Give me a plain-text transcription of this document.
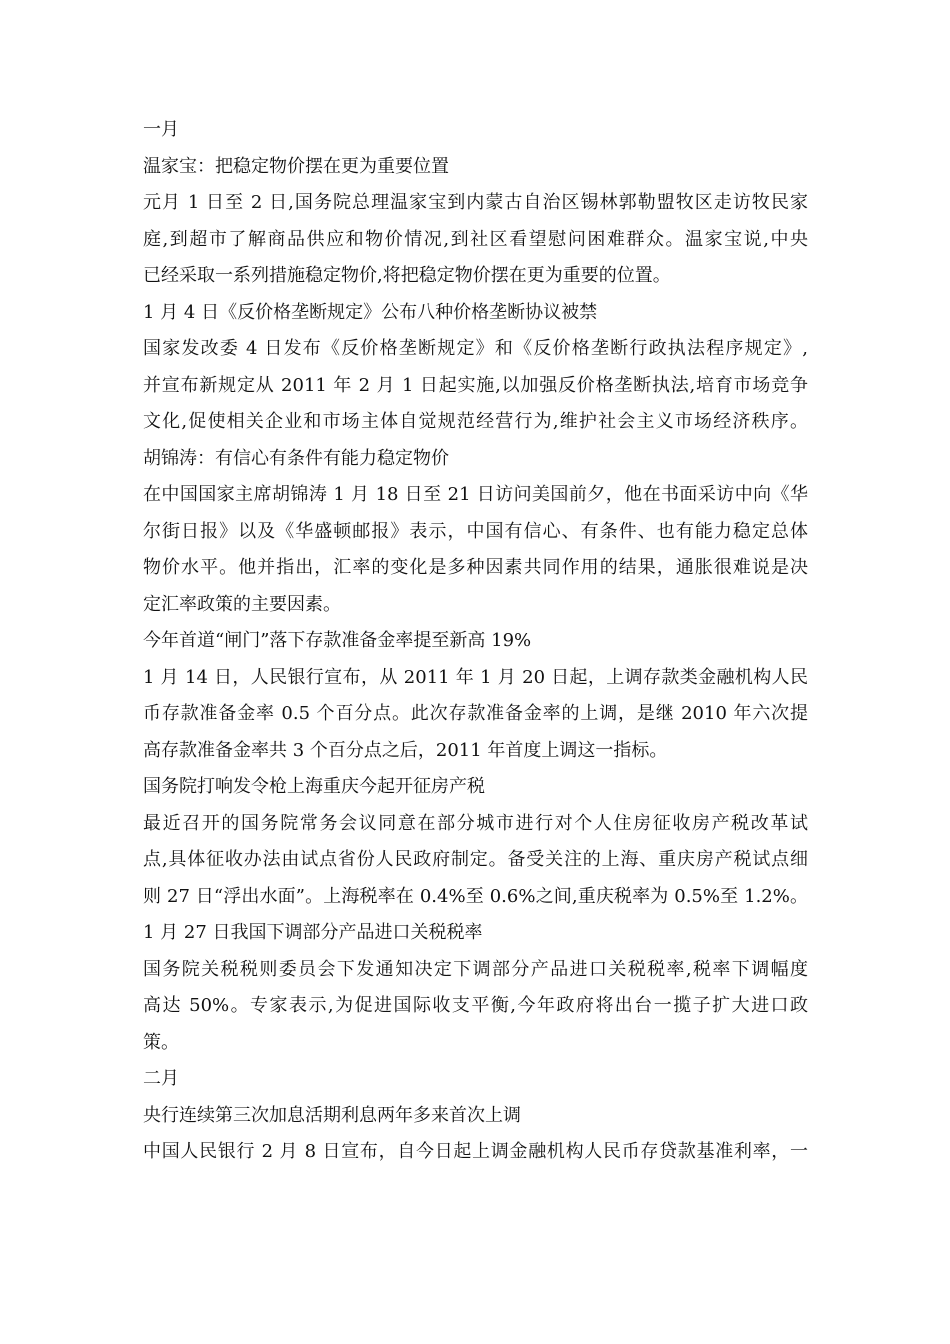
一月
温家宝：把稳定物价摆在更为重要位置
元月 1 日至 2 日,国务院总理温家宝到内蒙古自治区锡林郭勒盟牧区走访牧民家
庭,到超市了解商品供应和物价情况,到社区看望慰问困难群众。温家宝说,中央
已经采取一系列措施稳定物价,将把稳定物价摆在更为重要的位置。
1 月 4 日《反价格垄断规定》公布八种价格垄断协议被禁
国家发改委 4 日发布《反价格垄断规定》和《反价格垄断行政执法程序规定》,
并宣布新规定从 2011 年 2 月 1 日起实施,以加强反价格垄断执法,培育市场竞争
文化,促使相关企业和市场主体自觉规范经营行为,维护社会主义市场经济秩序。
胡锦涛：有信心有条件有能力稳定物价
在中国国家主席胡锦涛 1 月 18 日至 21 日访问美国前夕，他在书面采访中向《华
尔街日报》以及《华盛顿邮报》表示，中国有信心、有条件、也有能力稳定总体
物价水平。他并指出，汇率的变化是多种因素共同作用的结果，通胀很难说是决
定汇率政策的主要因素。
今年首道“闸门”落下存款准备金率提至新高 19%
1 月 14 日，人民银行宣布，从 2011 年 1 月 20 日起，上调存款类金融机构人民
币存款准备金率 0.5 个百分点。此次存款准备金率的上调，是继 2010 年六次提
高存款准备金率共 3 个百分点之后，2011 年首度上调这一指标。
国务院打响发令枪上海重庆今起开征房产税
最近召开的国务院常务会议同意在部分城市进行对个人住房征收房产税改革试
点,具体征收办法由试点省份人民政府制定。备受关注的上海、重庆房产税试点细
则 27 日“浮出水面”。上海税率在 0.4%至 0.6%之间,重庆税率为 0.5%至 1.2%。
1 月 27 日我国下调部分产品进口关税税率
国务院关税税则委员会下发通知决定下调部分产品进口关税税率,税率下调幅度
高达 50%。专家表示,为促进国际收支平衡,今年政府将出台一揽子扩大进口政
策。
二月
央行连续第三次加息活期利息两年多来首次上调
中国人民银行 2 月 8 日宣布，自今日起上调金融机构人民币存贷款基准利率，一
